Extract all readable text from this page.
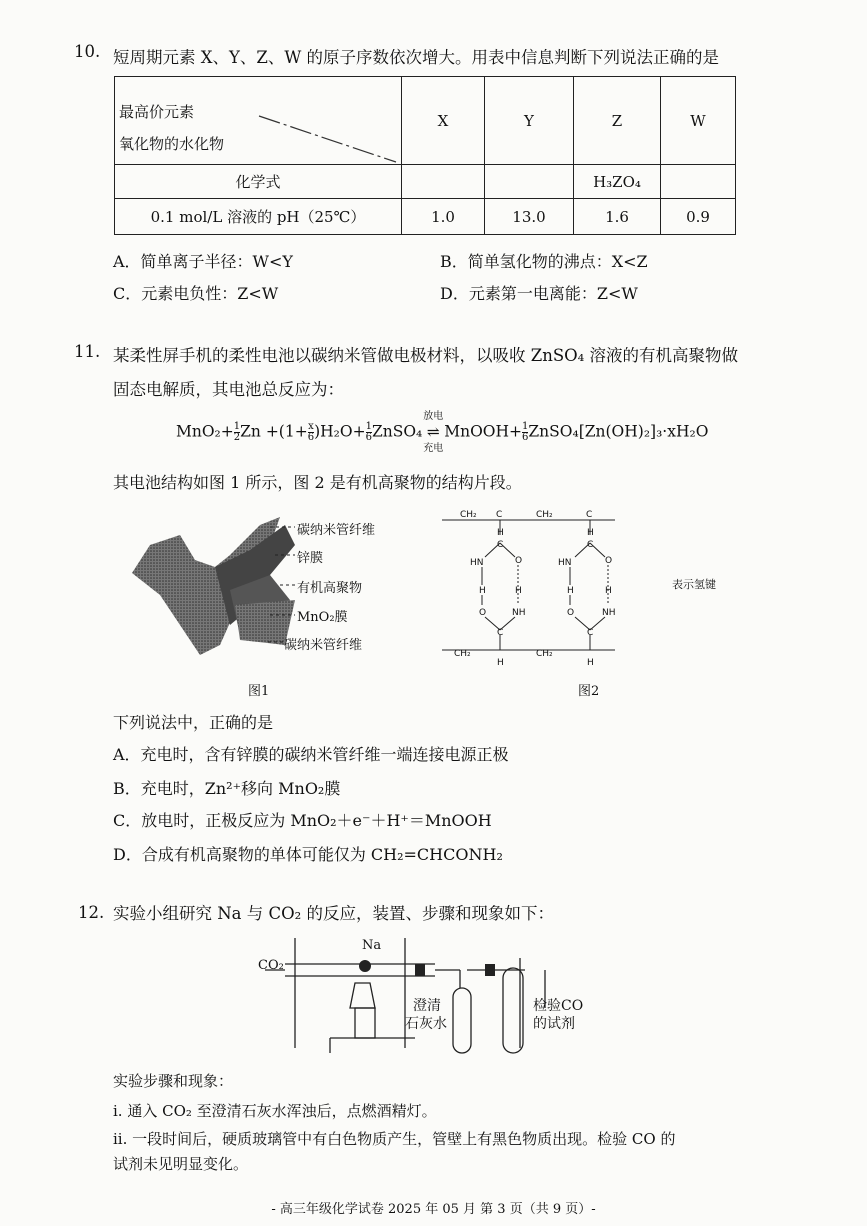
10. 短周期元素 X、Y、Z、W 的原子序数依次增大。用表中信息判断下列说法正确的是
最高价元素
氧化物的水化物	X	Y	Z	W
化学式			H₃ZO₄	
0.1 mol/L 溶液的 pH（25℃）	1.0	13.0	1.6	0.9
A．简单离子半径：W<Y	B．简单氢化物的沸点：X<Z
C．元素电负性：Z<W	D．元素第一电离能：Z<W
11. 某柔性屏手机的柔性电池以碳纳米管做电极材料，以吸收 ZnSO₄ 溶液的有机高聚物做
固态电解质，其电池总反应为：
$MnO_2+ \frac{1}{2}$ $Zn +(1+ \frac{x}{6} )H_2O+ \frac{1}{6}$ ZnSO₄
放电
⇌
充电
MnOOH+ $\frac{1}{6}$ ZnSO₄[Zn(OH)₂]₃·xH₂O
其电池结构如图 1 所示，图 2 是有机高聚物的结构片段。
碳纳米管纤维
锌膜
有机高聚物
MnO₂膜
碳纳米管纤维
图1
CH₂ C	CH₂	C
H	H
C	C
HN	O	HN	O
H	H	H	H
O	NH	O	NH
C	C
CH₂	CH₂
H	H
表示氢键
图2
下列说法中，正确的是
A．充电时，含有锌膜的碳纳米管纤维一端连接电源正极
B．充电时，Zn²⁺移向 MnO₂膜
C．放电时，正极反应为 MnO₂＋e⁻＋H⁺＝MnOOH
D．合成有机高聚物的单体可能仅为 CH₂=CHCONH₂
12. 实验小组研究 Na 与 CO₂ 的反应，装置、步骤和现象如下：
CO₂
Na
澄清
石灰水
检验CO
的试剂
实验步骤和现象：
i. 通入 CO₂ 至澄清石灰水浑浊后，点燃酒精灯。
ii. 一段时间后，硬质玻璃管中有白色物质产生，管壁上有黑色物质出现。检验 CO 的
试剂未见明显变化。
- 高三年级化学试卷 2025 年 05 月 第 3 页（共 9 页）-
